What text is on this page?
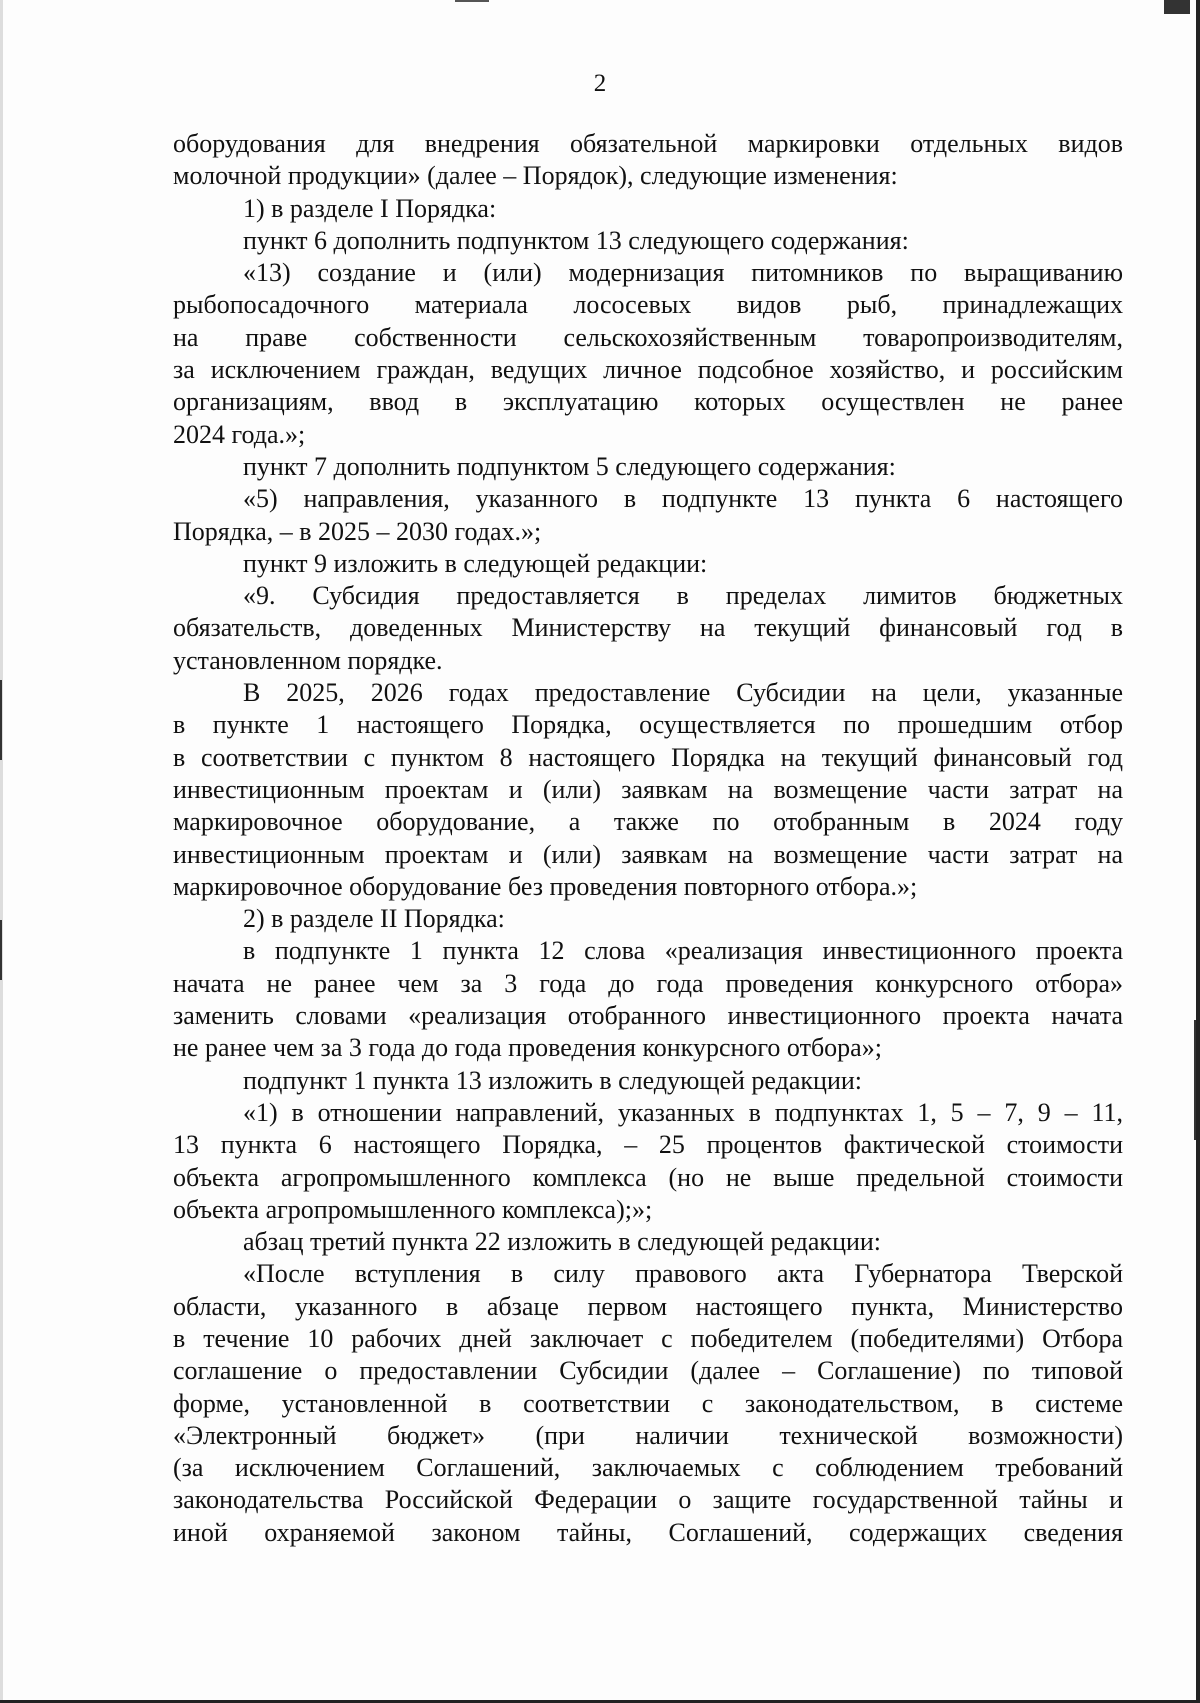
2
оборудования для внедрения обязательной маркировки отдельных видов
молочной продукции» (далее – Порядок), следующие изменения:
1) в разделе I Порядка:
пункт 6 дополнить подпунктом 13 следующего содержания:
«13) создание и (или) модернизация питомников по выращиванию
рыбопосадочного материала лососевых видов рыб, принадлежащих
на праве собственности сельскохозяйственным товаропроизводителям,
за исключением граждан, ведущих личное подсобное хозяйство, и российским
организациям, ввод в эксплуатацию которых осуществлен не ранее
2024 года.»;
пункт 7 дополнить подпунктом 5 следующего содержания:
«5) направления, указанного в подпункте 13 пункта 6 настоящего
Порядка, – в 2025 – 2030 годах.»;
пункт 9 изложить в следующей редакции:
«9. Субсидия предоставляется в пределах лимитов бюджетных
обязательств, доведенных Министерству на текущий финансовый год в
установленном порядке.
В 2025, 2026 годах предоставление Субсидии на цели, указанные
в пункте 1 настоящего Порядка, осуществляется по прошедшим отбор
в соответствии с пунктом 8 настоящего Порядка на текущий финансовый год
инвестиционным проектам и (или) заявкам на возмещение части затрат на
маркировочное оборудование, а также по отобранным в 2024 году
инвестиционным проектам и (или) заявкам на возмещение части затрат на
маркировочное оборудование без проведения повторного отбора.»;
2) в разделе II Порядка:
в подпункте 1 пункта 12 слова «реализация инвестиционного проекта
начата не ранее чем за 3 года до года проведения конкурсного отбора»
заменить словами «реализация отобранного инвестиционного проекта начата
не ранее чем за 3 года до года проведения конкурсного отбора»;
подпункт 1 пункта 13 изложить в следующей редакции:
«1) в отношении направлений, указанных в подпунктах 1, 5 – 7, 9 – 11,
13 пункта 6 настоящего Порядка, – 25 процентов фактической стоимости
объекта агропромышленного комплекса (но не выше предельной стоимости
объекта агропромышленного комплекса);»;
абзац третий пункта 22 изложить в следующей редакции:
«После вступления в силу правового акта Губернатора Тверской
области, указанного в абзаце первом настоящего пункта, Министерство
в течение 10 рабочих дней заключает с победителем (победителями) Отбора
соглашение о предоставлении Субсидии (далее – Соглашение) по типовой
форме, установленной в соответствии с законодательством, в системе
«Электронный бюджет» (при наличии технической возможности)
(за исключением Соглашений, заключаемых с соблюдением требований
законодательства Российской Федерации о защите государственной тайны и
иной охраняемой законом тайны, Соглашений, содержащих сведения
